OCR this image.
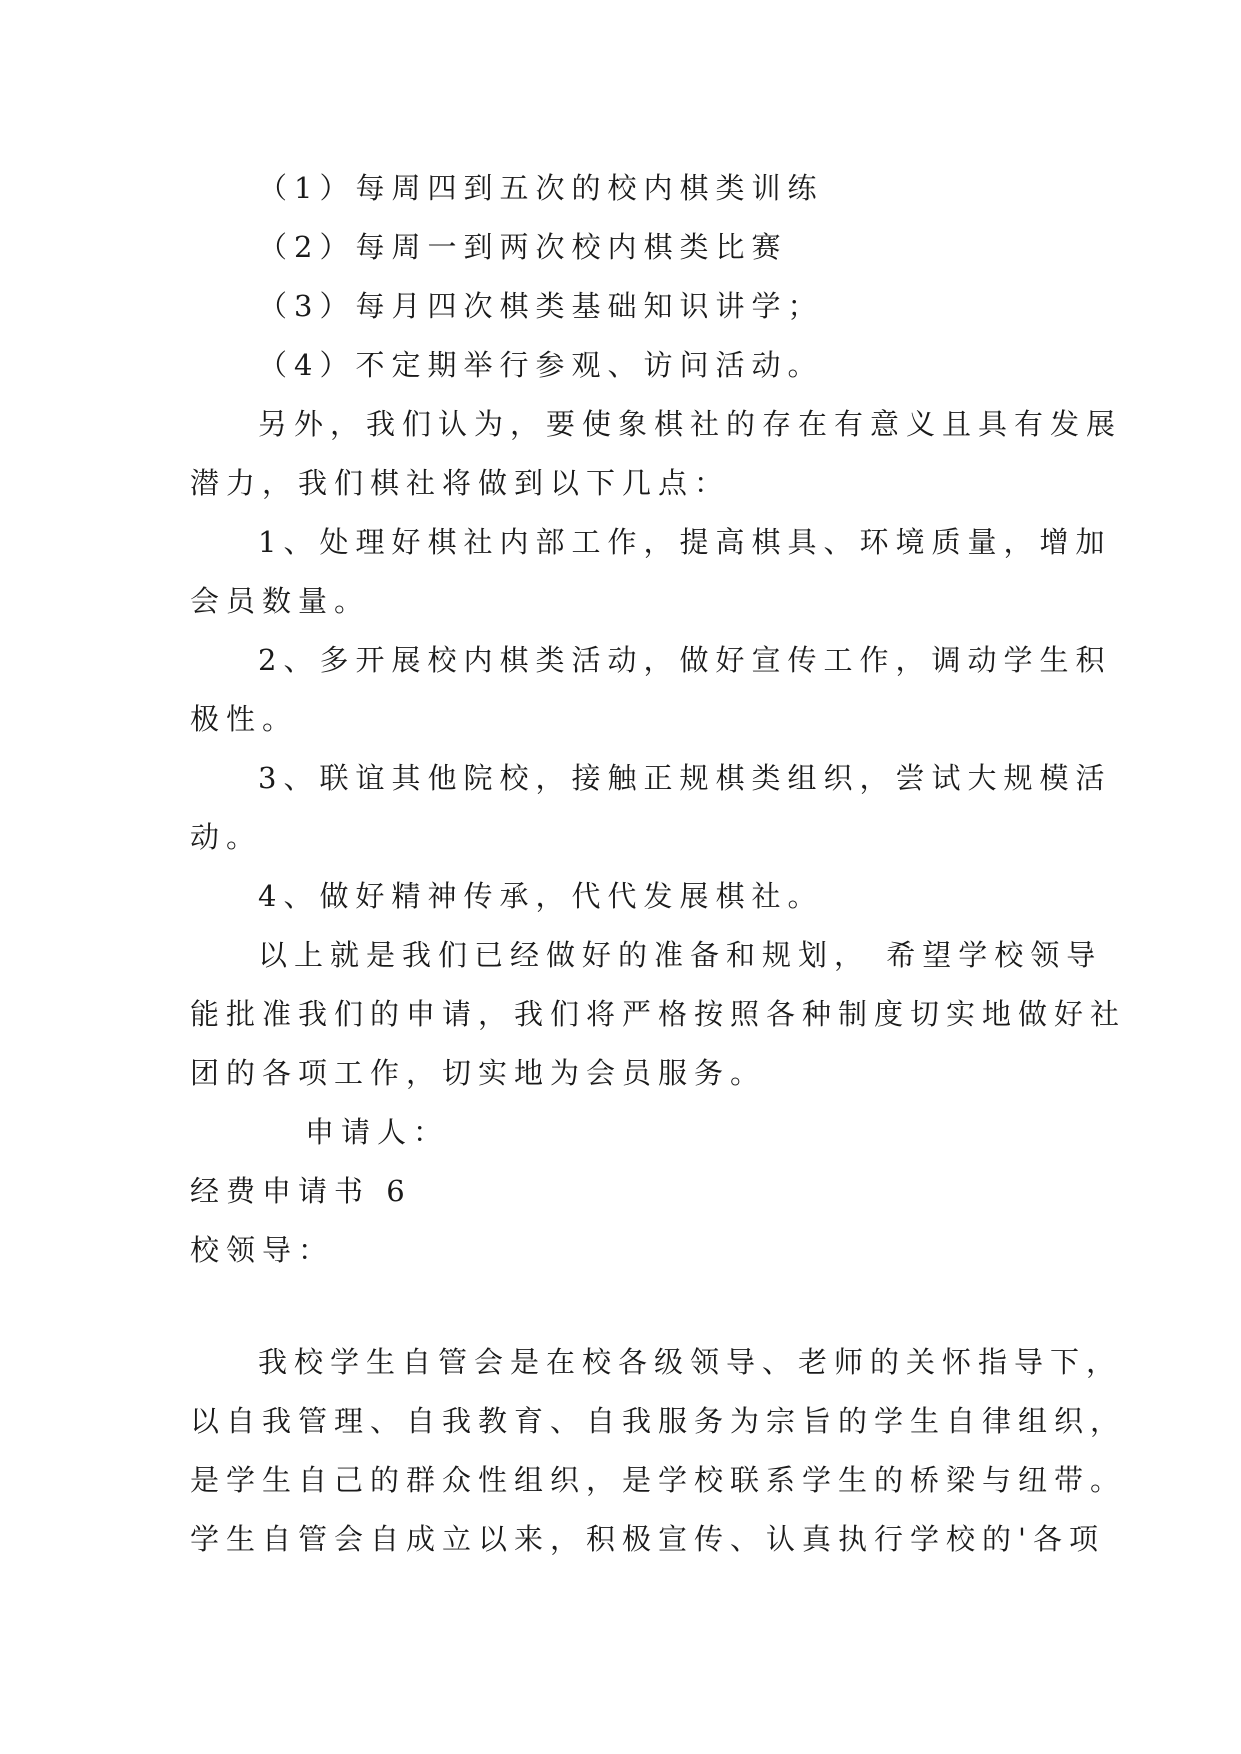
（1）每周四到五次的校内棋类训练
（2）每周一到两次校内棋类比赛
（3）每月四次棋类基础知识讲学；
（4）不定期举行参观、访问活动。
另外，我们认为，要使象棋社的存在有意义且具有发展
潜力，我们棋社将做到以下几点：
1、处理好棋社内部工作，提高棋具、环境质量，增加
会员数量。
2、多开展校内棋类活动，做好宣传工作，调动学生积
极性。
3、联谊其他院校，接触正规棋类组织，尝试大规模活
动。
4、做好精神传承，代代发展棋社。
以上就是我们已经做好的准备和规划， 希望学校领导
能批准我们的申请，我们将严格按照各种制度切实地做好社
团的各项工作，切实地为会员服务。
申请人：
经费申请书 6
校领导：
我校学生自管会是在校各级领导、老师的关怀指导下，
以自我管理、自我教育、自我服务为宗旨的学生自律组织，
是学生自己的群众性组织，是学校联系学生的桥梁与纽带。
学生自管会自成立以来，积极宣传、认真执行学校的'各项
